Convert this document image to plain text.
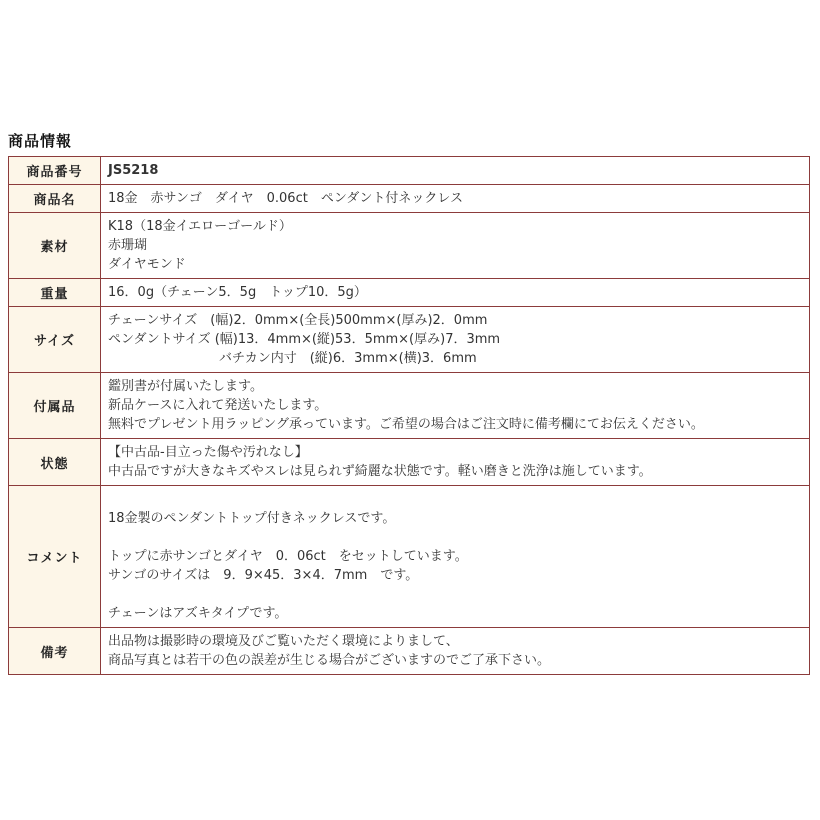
商品情報
商品番号	JS5218

商品名	18金　赤サンゴ　ダイヤ　0.06ct　ペンダント付ネックレス

素材	K18（18金イエローゴールド）
赤珊瑚
ダイヤモンド

重量	16．0g（チェーン5．5g　トップ10．5g）

サイズ	チェーンサイズ　(幅)2．0mm×(全長)500mm×(厚み)2．0mm
ペンダントサイズ (幅)13．4mm×(縦)53．5mm×(厚み)7．3mm
バチカン内寸　(縦)6．3mm×(横)3．6mm

付属品	鑑別書が付属いたします。
新品ケースに入れて発送いたします。
無料でプレゼント用ラッピング承っています。ご希望の場合はご注文時に備考欄にてお伝えください。

状態	【中古品-目立った傷や汚れなし】
中古品ですが大きなキズやスレは見られず綺麗な状態です。軽い磨きと洗浄は施しています。

コメント	18金製のペンダントトップ付きネックレスです。
トップに赤サンゴとダイヤ　0．06ct　をセットしています。
サンゴのサイズは　9．9×45．3×4．7mm　です。
チェーンはアズキタイプです。

備考	出品物は撮影時の環境及びご覧いただく環境によりまして、
商品写真とは若干の色の誤差が生じる場合がございますのでご了承下さい。
